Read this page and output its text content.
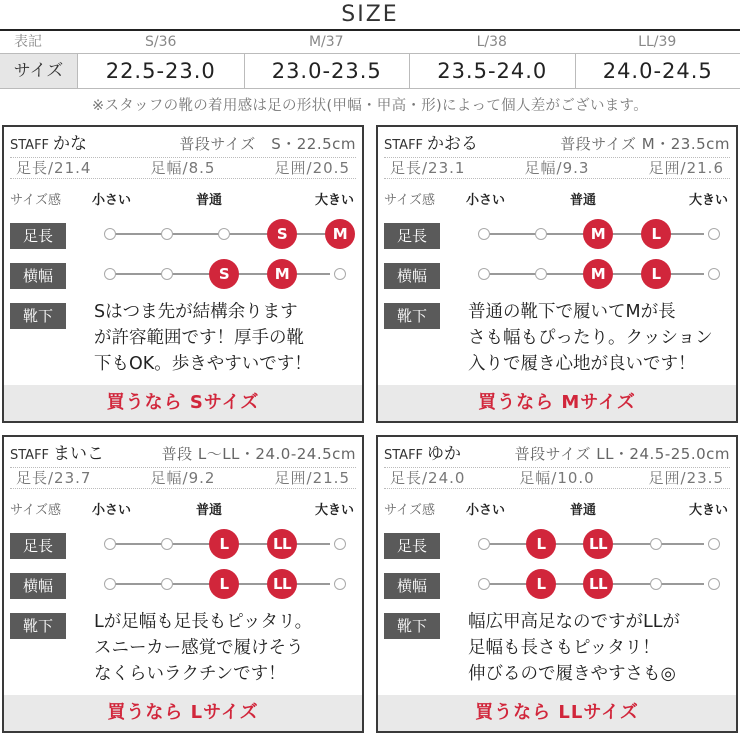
SIZE
表記	S/36	M/37	L/38	LL/39
サイズ	22.5-23.0	23.0-23.5	23.5-24.0	24.0-24.5
※スタッフの靴の着用感は足の形状(甲幅・甲高・形)によって個人差がございます。
STAFF かな	普段サイズ　S・22.5cm
足長/21.4	足幅/8.5	足囲/20.5
サイズ感 小さい	普通	大きい
足長	S	M
横幅	S	M
靴下	Sはつま先が結構余ります
が許容範囲です！厚手の靴
下もOK。歩きやすいです！
買うなら Sサイズ
STAFF かおる	普段サイズ M・23.5cm
足長/23.1	足幅/9.3	足囲/21.6
サイズ感 小さい	普通	大きい
足長	M	L
横幅	M	L
靴下	普通の靴下で履いてMが長
さも幅もぴったり。クッション
入りで履き心地が良いです！
買うなら Mサイズ
STAFF まいこ	普段 L～LL・24.0-24.5cm
足長/23.7	足幅/9.2	足囲/21.5
サイズ感 小さい	普通	大きい
足長	L	LL
横幅	L	LL
靴下	Lが足幅も足長もピッタリ。
スニーカー感覚で履けそう
なくらいラクチンです！
買うなら Lサイズ
STAFF ゆか	普段サイズ LL・24.5-25.0cm
足長/24.0	足幅/10.0	足囲/23.5
サイズ感 小さい	普通	大きい
足長	L	LL
横幅	L	LL
靴下	幅広甲高足なのですがLLが
足幅も長さもピッタリ！
伸びるので履きやすさも◎
買うなら LLサイズ
